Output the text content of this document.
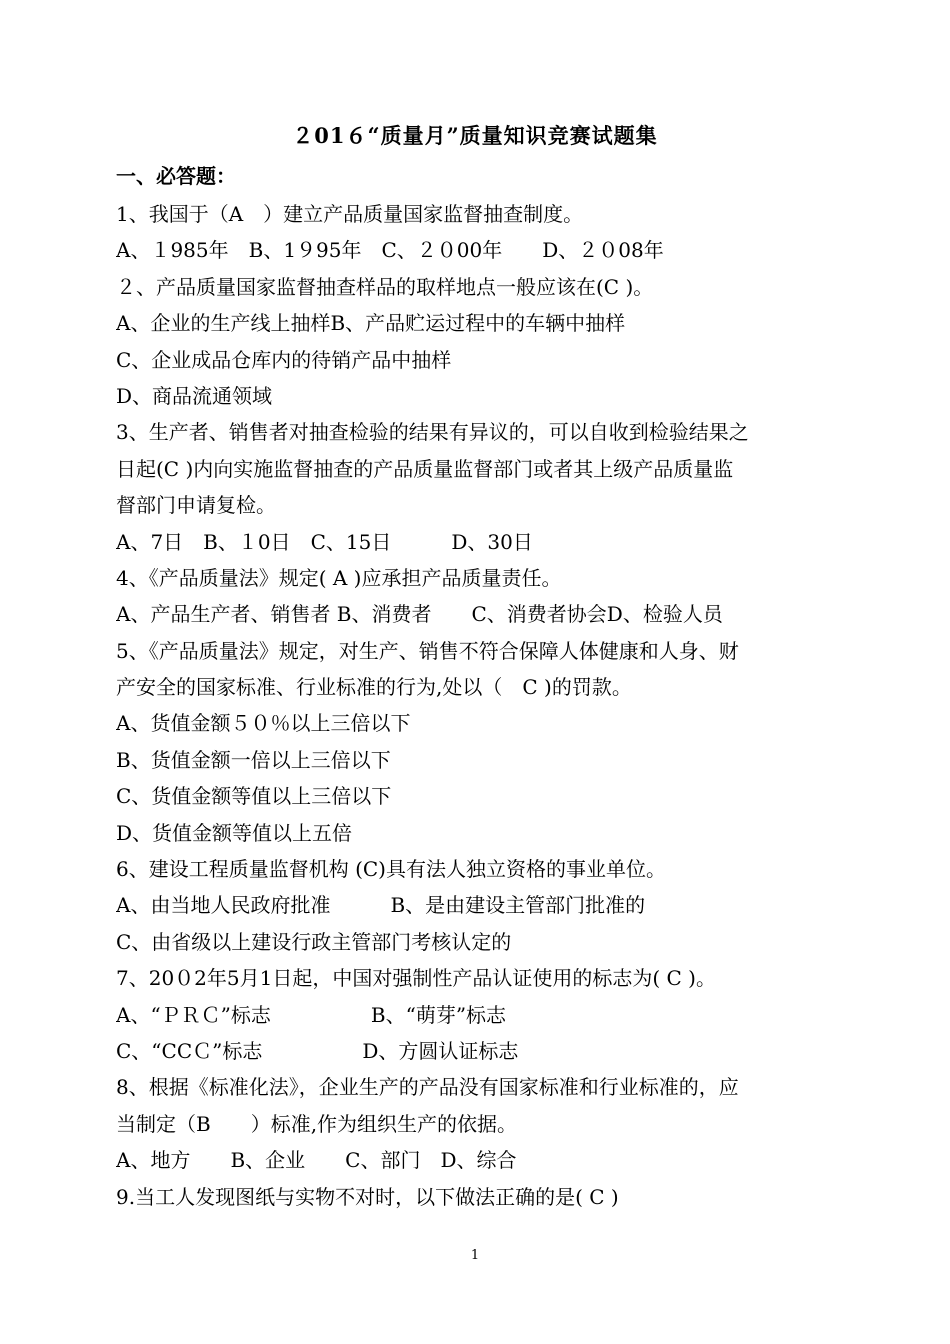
２01６“质量月”质量知识竞赛试题集
一、必答题：
1、我国于（A　）建立产品质量国家监督抽查制度。
A、１985年　B、1９95年　C、２０00年　　D、２０08年
２、产品质量国家监督抽查样品的取样地点一般应该在(C )。
A、企业的生产线上抽样B、产品贮运过程中的车辆中抽样
C、企业成品仓库内的待销产品中抽样
D、商品流通领域
3、生产者、销售者对抽查检验的结果有异议的，可以自收到检验结果之
日起(C )内向实施监督抽查的产品质量监督部门或者其上级产品质量监
督部门申请复检。
A、7日　B、１0日　C、15日　　　D、30日
4、《产品质量法》规定( A )应承担产品质量责任。
A、产品生产者、销售者 B、消费者　　C、消费者协会D、检验人员
5、《产品质量法》规定，对生产、销售不符合保障人体健康和人身、财
产安全的国家标准、行业标准的行为,处以（　C )的罚款。
A、货值金额５０％以上三倍以下
B、货值金额一倍以上三倍以下
C、货值金额等值以上三倍以下
D、货值金额等值以上五倍
6、建设工程质量监督机构 (C)具有法人独立资格的事业单位。
A、由当地人民政府批准　　　B、是由建设主管部门批准的
C、由省级以上建设行政主管部门考核认定的
7、20０2年5月1日起，中国对强制性产品认证使用的标志为( C )。
A、“ＰＲＣ”标志　　　　　B、“萌芽”标志
C、“CCＣ”标志　　　　　D、方圆认证标志
8、根据《标准化法》，企业生产的产品没有国家标准和行业标准的，应
当制定（B　　）标准,作为组织生产的依据。
A、地方　　B、企业　　C、部门　D、综合
9.当工人发现图纸与实物不对时，以下做法正确的是( C )
1
